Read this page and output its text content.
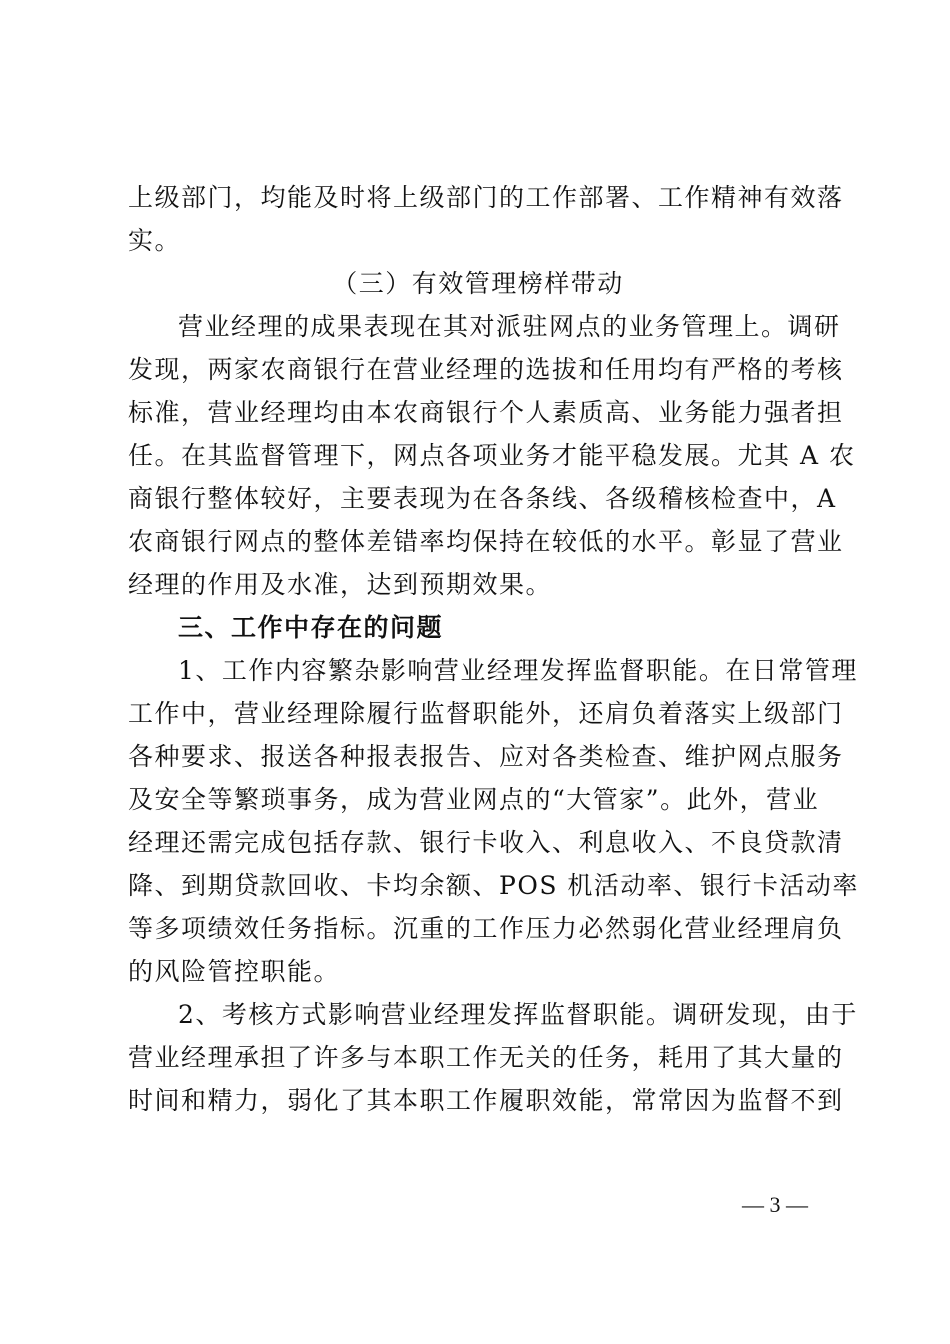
上级部门，均能及时将上级部门的工作部署、工作精神有效落
实。
（三）有效管理榜样带动
营业经理的成果表现在其对派驻网点的业务管理上。调研
发现，两家农商银行在营业经理的选拔和任用均有严格的考核
标准，营业经理均由本农商银行个人素质高、业务能力强者担
任。在其监督管理下，网点各项业务才能平稳发展。尤其 A 农
商银行整体较好，主要表现为在各条线、各级稽核检查中，A
农商银行网点的整体差错率均保持在较低的水平。彰显了营业
经理的作用及水准，达到预期效果。
三、工作中存在的问题
1、工作内容繁杂影响营业经理发挥监督职能。在日常管理
工作中，营业经理除履行监督职能外，还肩负着落实上级部门
各种要求、报送各种报表报告、应对各类检查、维护网点服务
及安全等繁琐事务，成为营业网点的“大管家”。此外，营业
经理还需完成包括存款、银行卡收入、利息收入、不良贷款清
降、到期贷款回收、卡均余额、POS 机活动率、银行卡活动率
等多项绩效任务指标。沉重的工作压力必然弱化营业经理肩负
的风险管控职能。
2、考核方式影响营业经理发挥监督职能。调研发现，由于
营业经理承担了许多与本职工作无关的任务，耗用了其大量的
时间和精力，弱化了其本职工作履职效能，常常因为监督不到
— 3 —
